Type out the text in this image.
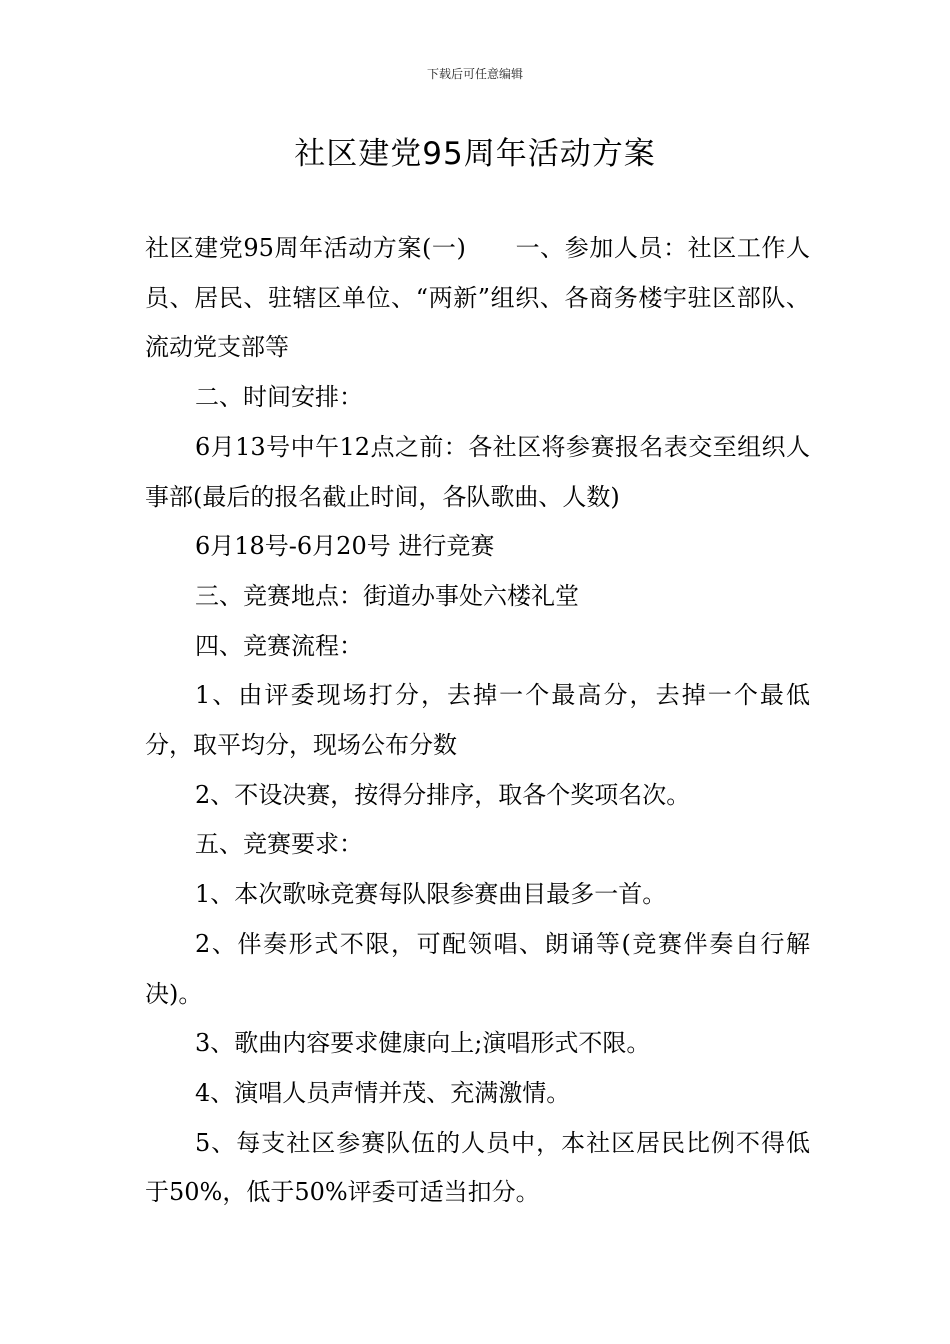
下载后可任意编辑
社区建党95周年活动方案

社区建党95周年活动方案(一)　　一、参加人员：社区工作人员、居民、驻辖区单位、“两新”组织、各商务楼宇驻区部队、流动党支部等

二、时间安排：

6月13号中午12点之前：各社区将参赛报名表交至组织人事部(最后的报名截止时间，各队歌曲、人数)

6月18号-6月20号 进行竞赛

三、竞赛地点：街道办事处六楼礼堂

四、竞赛流程：

1、由评委现场打分，去掉一个最高分，去掉一个最低分，取平均分，现场公布分数

2、不设决赛，按得分排序，取各个奖项名次。

五、竞赛要求：

1、本次歌咏竞赛每队限参赛曲目最多一首。

2、伴奏形式不限，可配领唱、朗诵等(竞赛伴奏自行解决)。

3、歌曲内容要求健康向上;演唱形式不限。

4、演唱人员声情并茂、充满激情。

5、每支社区参赛队伍的人员中，本社区居民比例不得低于50%，低于50%评委可适当扣分。
